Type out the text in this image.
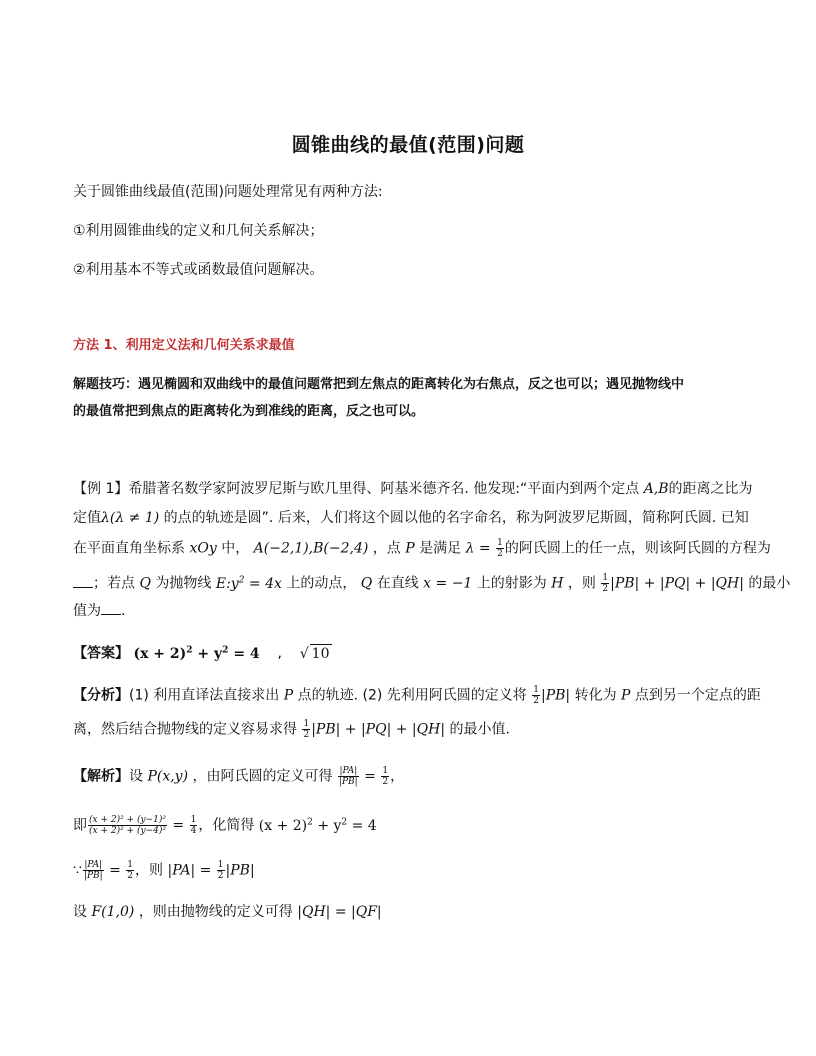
圆锥曲线的最值(范围)问题
关于圆锥曲线最值(范围)问题处理常见有两种方法:
①利用圆锥曲线的定义和几何关系解决；
②利用基本不等式或函数最值问题解决。
方法 1、利用定义法和几何关系求最值
解题技巧：遇见椭圆和双曲线中的最值问题常把到左焦点的距离转化为右焦点，反之也可以；遇见抛物线中
的最值常把到焦点的距离转化为到准线的距离，反之也可以。
【例 1】希腊著名数学家阿波罗尼斯与欧几里得、阿基米德齐名. 他发现:“平面内到两个定点 A,B的距离之比为
定值λ(λ ≠ 1) 的点的轨迹是圆”. 后来，人们将这个圆以他的名字命名，称为阿波罗尼斯圆，简称阿氏圆. 已知
在平面直角坐标系 xOy 中， A(−2,1),B(−2,4) ，点 P 是满足 $\lambda = \frac{1}{2}$ 的阿氏圆上的任一点，则该阿氏圆的方程为
；若点 Q 为抛物线 $E:y^2 = 4x$ 上的动点， Q 在直线 x = −1 上的射影为 H ，则 $\frac{1}{2} |PB| + |PQ| + |QH|$ 的最小
值为 .
【答案】 $(x + 2)^2 + y^2 = 4$ , √ 10
【分析】(1) 利用直译法直接求出 P 点的轨迹. (2) 先利用阿氏圆的定义将 $\frac{1}{2} |PB|$ 转化为 P 点到另一个定点的距
离，然后结合抛物线的定义容易求得 $\frac{1}{2} |PB| + |PQ| + |QH|$ 的最小值.
【解析】设 P(x,y) ，由阿氏圆的定义可得 $\frac{|PA|}{|PB|} = \frac{1}{2}$ ，
即 $\frac{\text{(x + 2)² + (y−1)²}}{\text{(x + 2)² + (y−4)²}} = \frac{1}{4}$ ，化简得 $(x + 2)^2 + y^2 = 4$
∵ $\frac{|PA|}{|PB|} = \frac{1}{2}$ ，则 $|PA| = \frac{1}{2} |PB|$
设 F(1,0) ，则由抛物线的定义可得 |QH| = |QF|
